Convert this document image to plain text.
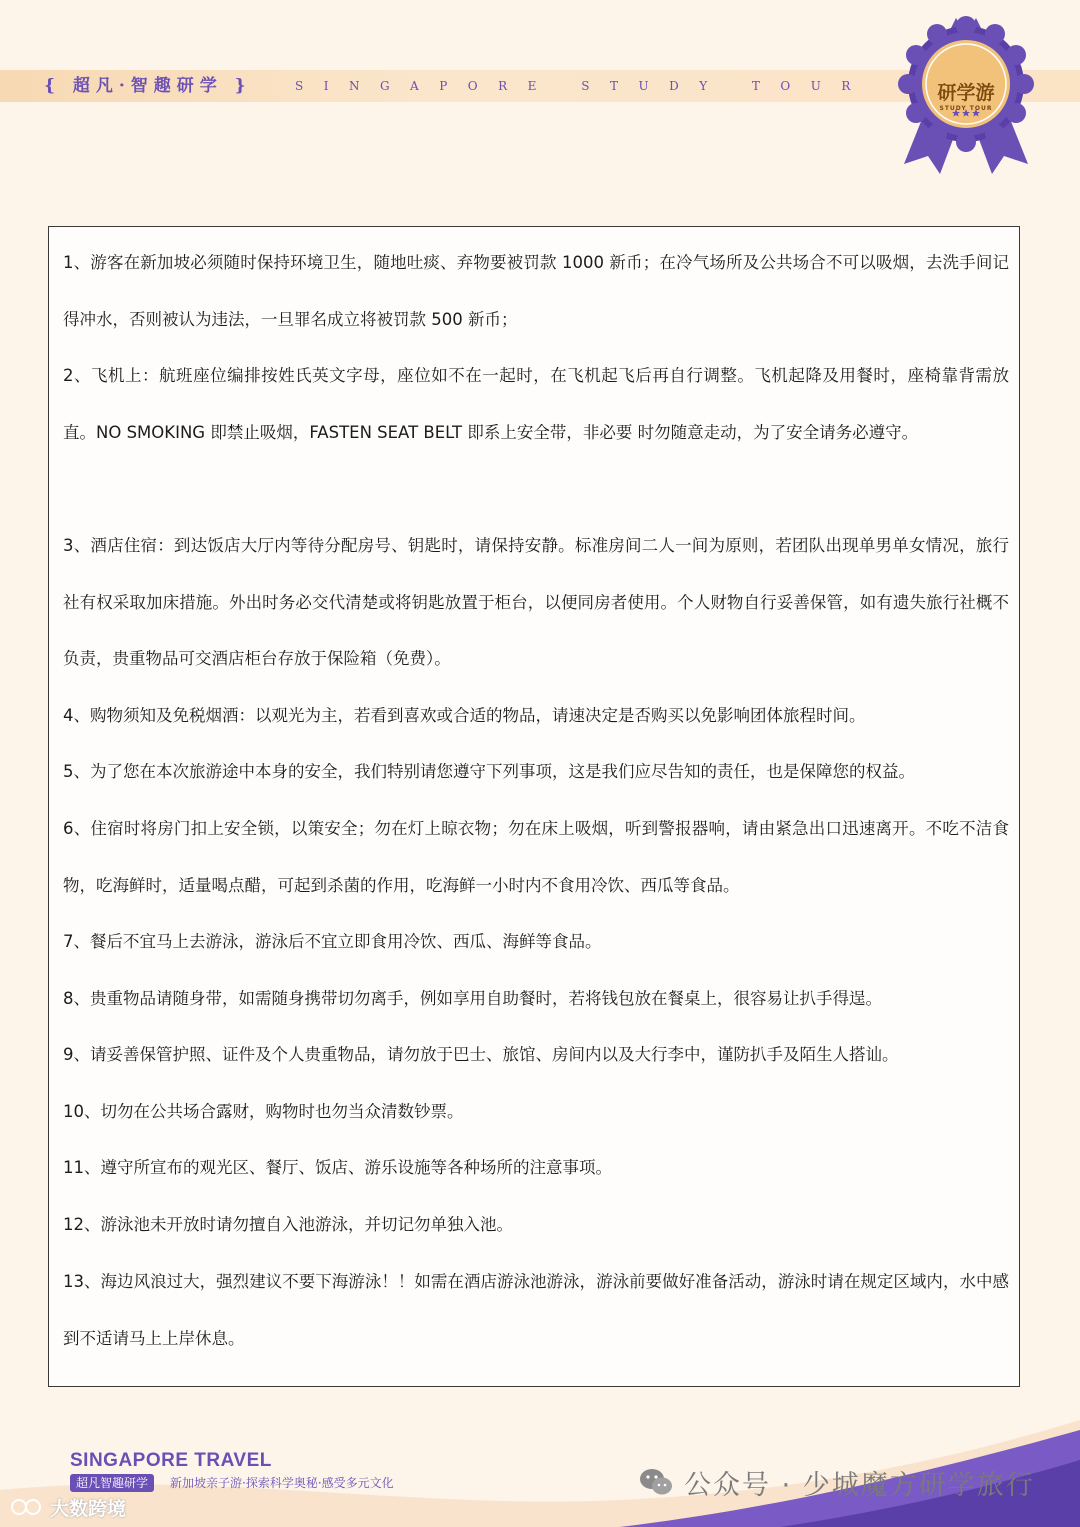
{ 超凡·智趣研学 }	SINGAPORE STUDY TOUR	研学游
STUDY TOUR
1、游客在新加坡必须随时保持环境卫生，随地吐痰、弃物要被罚款 1000 新币；在冷气场所及公共场合不可以吸烟，去洗手间记得冲水，否则被认为违法，一旦罪名成立将被罚款 500 新币；
2、飞机上：航班座位编排按姓氏英文字母，座位如不在一起时，在飞机起飞后再自行调整。飞机起降及用餐时，座椅靠背需放直。NO SMOKING 即禁止吸烟，FASTEN SEAT BELT 即系上安全带，非必要 时勿随意走动，为了安全请务必遵守。
3、酒店住宿：到达饭店大厅内等待分配房号、钥匙时，请保持安静。标准房间二人一间为原则，若团队出现单男单女情况，旅行社有权采取加床措施。外出时务必交代清楚或将钥匙放置于柜台，以便同房者使用。个人财物自行妥善保管，如有遗失旅行社概不负责，贵重物品可交酒店柜台存放于保险箱（免费）。
4、购物须知及免税烟酒：以观光为主，若看到喜欢或合适的物品，请速决定是否购买以免影响团体旅程时间。
5、为了您在本次旅游途中本身的安全，我们特别请您遵守下列事项，这是我们应尽告知的责任，也是保障您的权益。
6、住宿时将房门扣上安全锁，以策安全；勿在灯上晾衣物；勿在床上吸烟，听到警报器响，请由紧急出口迅速离开。不吃不洁食物，吃海鲜时，适量喝点醋，可起到杀菌的作用，吃海鲜一小时内不食用冷饮、西瓜等食品。
7、餐后不宜马上去游泳，游泳后不宜立即食用冷饮、西瓜、海鲜等食品。
8、贵重物品请随身带，如需随身携带切勿离手，例如享用自助餐时，若将钱包放在餐桌上，很容易让扒手得逞。
9、请妥善保管护照、证件及个人贵重物品，请勿放于巴士、旅馆、房间内以及大行李中，谨防扒手及陌生人搭讪。
10、切勿在公共场合露财，购物时也勿当众清数钞票。
11、遵守所宣布的观光区、餐厅、饭店、游乐设施等各种场所的注意事项。
12、游泳池未开放时请勿擅自入池游泳，并切记勿单独入池。
13、海边风浪过大，强烈建议不要下海游泳！！如需在酒店游泳池游泳，游泳前要做好准备活动，游泳时请在规定区域内，水中感到不适请马上上岸休息。
SINGAPORE TRAVEL
超凡智趣研学	新加坡亲子游·探索科学奥秘·感受多元文化	公众号 · 少城魔方研学旅行
大数跨境
